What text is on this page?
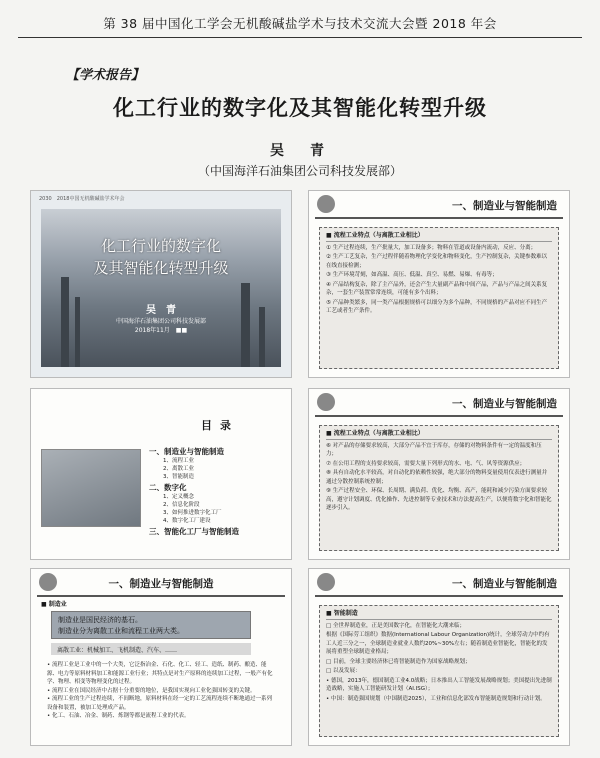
第 38 届中国化工学会无机酸碱盐学术与技术交流大会暨 2018 年会
【学术报告】
化工行业的数字化及其智能化转型升级
吴　青
（中国海洋石油集团公司科技发展部）
2030　2018中国无机酸碱盐学术年会
化工行业的数字化
及其智能化转型升级
吴　青
中国海洋石油集团公司科技发展部
2018年11月　■■
一、制造业与智能制造
■ 流程工业特点（与离散工业相比）

① 生产过程连续，生产批量大，加工设备多；物料在管道或设备内流动，反应、分离；

② 生产工艺复杂，生产过程伴随着物理化学变化和物料变化，生产控制复杂，关键参数难以在线直接检测；

③ 生产环境苛刻，如高温、高压、低温、真空、易燃、易爆、有毒等；

④ 产品结构复杂，除了主产品外，还会产生大量副产品和中间产品，产品与产品之间关系复杂，一套生产装置常常连续，可能有多个出料；

⑤ 产品种类繁多，同一类产品根据规格可以细分为多个品种，不同规格的产品对应不同生产工艺或者生产条件。

目录
一、制造业与智能制造
1、流程工业
2、离散工业
3、智能制造
二、数字化
1、定义概念
2、信息化阶段
3、如何推进数字化工厂
4、数字化工厂建设
三、智能化工厂与智能制造
一、制造业与智能制造
■ 流程工业特点（与离散工业相比）

⑥ 对产品的存储要求较高，大部分产品不宜于库存，存储的对物料条件有一定的温度和压力；

⑦ 在公用工程的支持要求较高，需要大量下列形式的水、电、气、风等资源供应；

⑧ 具有自动化水平较高，对自动化的依赖性较强，绝大部分的物料变量使用仪表进行测量并通过分散控制系统控制；

⑨ 生产过程安全、环保、长周期、满负荷、优化、均衡、高产，能耗和减少污染方面要求较高，遵守计划调度、优化操作、先进控制等专业技术和方法提高生产，以便将数字化和智能化逐步引入。

一、制造业与智能制造
■ 制造业
制造业是国民经济的基石。
制造业分为离散工业和流程工业两大类。
离散工业：机械加工、飞机制造、汽车、……

• 流程工业是工业中的一个大类，它泛指冶金、石化、化工、轻工、造纸、制药、酿造、能源、电力等原料材料加工和能源工业行业；其特点是对生产原料的连续加工过程，一般产有化学、物理、相变等物理变化的过程。

• 流程工业在国民经济中占据十分重要的地位，是我国实现向工业化强国转变的关键。

• 流程工业的生产过程连续，不间断地，原料材料在经一定的工艺流程连续不断地通过一系列设备和装置，被加工处理成产品。

• 化工、石油、冶金、制药、炼钢等都是流程工业的代表。

一、制造业与智能制造
■ 智能制造

□ 全世界制造业，正是美国数字化，在智能化大潮来临；

根据《国际劳工组织》数据(International Labour Organization)统计，全球劳动力中约有工人近三分之一，全球制造业就业人数约20%~30%左右；随着制造业智能化，智能化的发展将重塑全球制造业格局；

□ 目前，全球主要经济体已将智能制造作为国家战略规划；

□ 以及发展：

• 德国，2013年，德国制造工业4.0战略；日本推出人工智能发展战略规划；美国提出先进制造战略，实施人工智能研发计划（AI.ISG）；

• 中国：制造强国规划（中国制造2025），工业和信息化部发布智能制造规划和行动计划。
